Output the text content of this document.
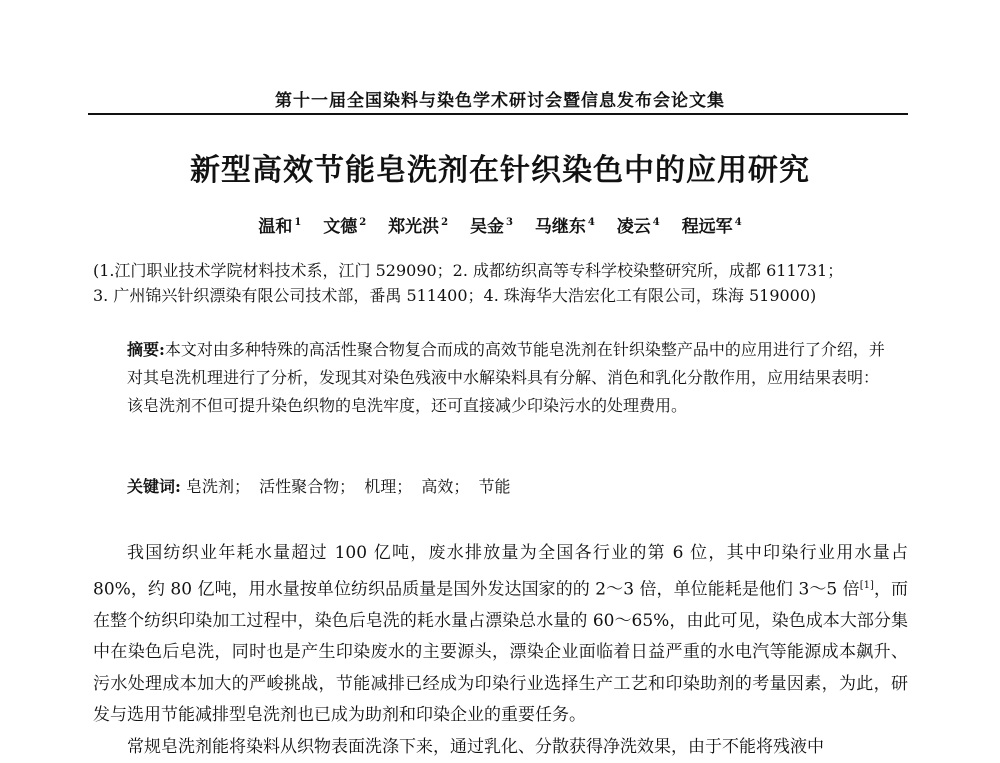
第十一届全国染料与染色学术研讨会暨信息发布会论文集
新型高效节能皂洗剂在针织染色中的应用研究
温和 $^1$ 文德 $^2$ 郑光洪 $^2$ 吴金 $^3$ 马继东 $^4$ 凌云 $^4$ 程远军 $^4$
(1.江门职业技术学院材料技术系，江门 529090；2. 成都纺织高等专科学校染整研究所，成都 611731；
3. 广州锦兴针织漂染有限公司技术部，番禺 511400；4. 珠海华大浩宏化工有限公司，珠海 519000)
摘要:本文对由多种特殊的高活性聚合物复合而成的高效节能皂洗剂在针织染整产品中的应用进行了介绍，并对其皂洗机理进行了分析，发现其对染色残液中水解染料具有分解、消色和乳化分散作用，应用结果表明：该皂洗剂不但可提升染色织物的皂洗牢度，还可直接减少印染污水的处理费用。
关键词: 皂洗剂； 活性聚合物； 机理； 高效； 节能

我国纺织业年耗水量超过 100 亿吨，废水排放量为全国各行业的第 6 位，其中印染行业用水量占 80%，约 80 亿吨，用水量按单位纺织品质量是国外发达国家的的 2～3 倍，单位能耗是他们 3～5 倍[1]，而在整个纺织印染加工过程中，染色后皂洗的耗水量占漂染总水量的 60～65%，由此可见，染色成本大部分集中在染色后皂洗，同时也是产生印染废水的主要源头，漂染企业面临着日益严重的水电汽等能源成本飙升、污水处理成本加大的严峻挑战，节能减排已经成为印染行业选择生产工艺和印染助剂的考量因素，为此，研发与选用节能减排型皂洗剂也已成为助剂和印染企业的重要任务。

常规皂洗剂能将染料从织物表面洗涤下来，通过乳化、分散获得净洗效果，由于不能将残液中
